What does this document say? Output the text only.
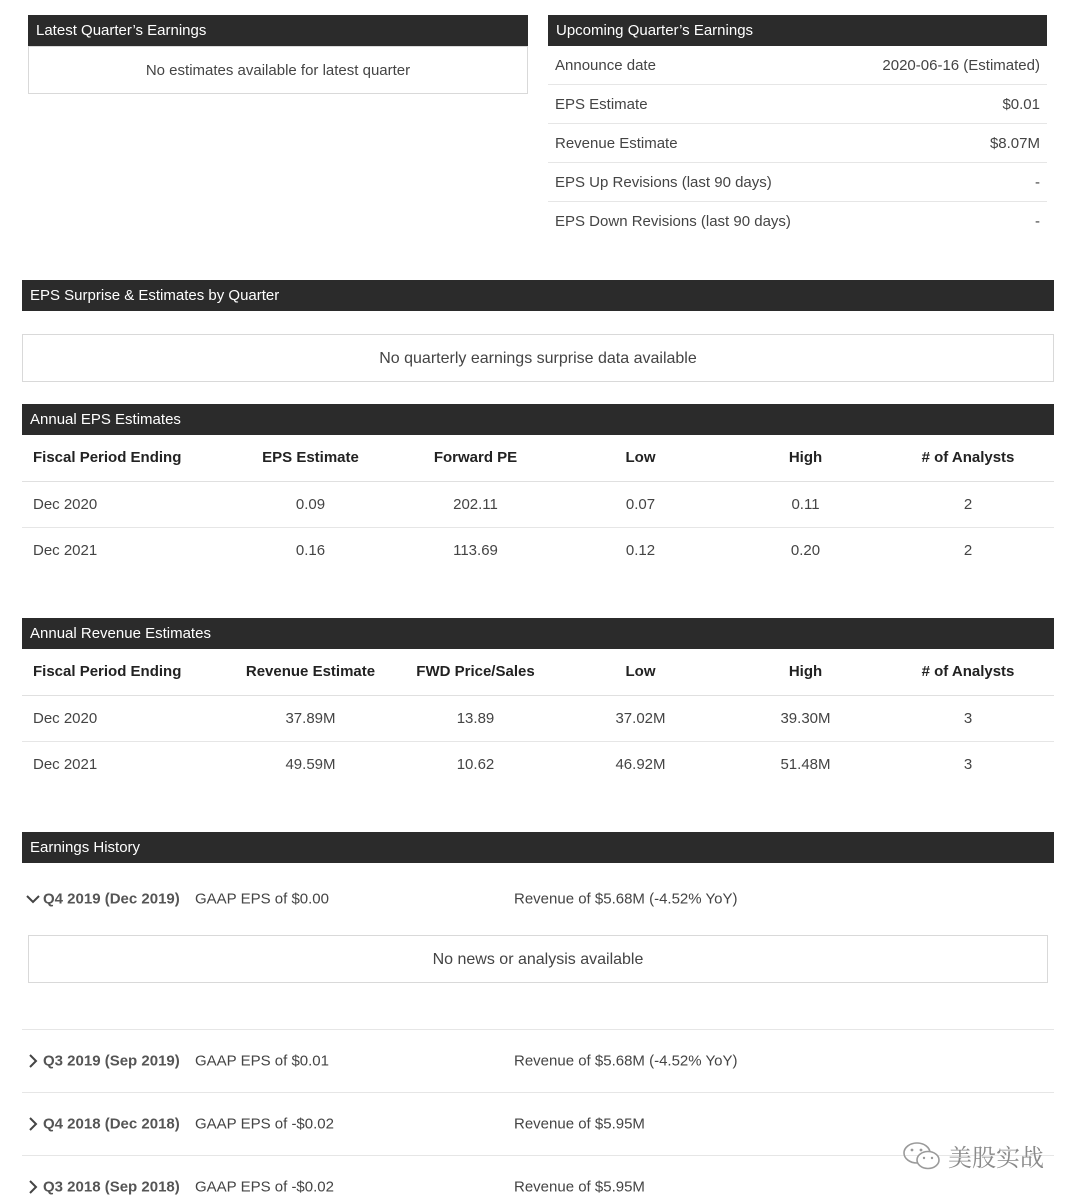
Latest Quarter’s Earnings
No estimates available for latest quarter
Upcoming Quarter’s Earnings
Announce date	2020-06-16 (Estimated)
EPS Estimate	$0.01
Revenue Estimate	$8.07M
EPS Up Revisions (last 90 days)	-
EPS Down Revisions (last 90 days)	-
EPS Surprise & Estimates by Quarter
No quarterly earnings surprise data available
Annual EPS Estimates
Fiscal Period Ending	EPS Estimate	Forward PE	Low	High	# of Analysts
Dec 2020	0.09	202.11	0.07	0.11	2
Dec 2021	0.16	113.69	0.12	0.20	2
Annual Revenue Estimates
Fiscal Period Ending	Revenue Estimate	FWD Price/Sales	Low	High	# of Analysts
Dec 2020	37.89M	13.89	37.02M	39.30M	3
Dec 2021	49.59M	10.62	46.92M	51.48M	3
Earnings History
Q4 2019 (Dec 2019) GAAP EPS of $0.00	Revenue of $5.68M (-4.52% YoY)
No news or analysis available
Q3 2019 (Sep 2019) GAAP EPS of $0.01	Revenue of $5.68M (-4.52% YoY)
Q4 2018 (Dec 2018) GAAP EPS of -$0.02	Revenue of $5.95M
Q3 2018 (Sep 2018) GAAP EPS of -$0.02	Revenue of $5.95M
美股实战
